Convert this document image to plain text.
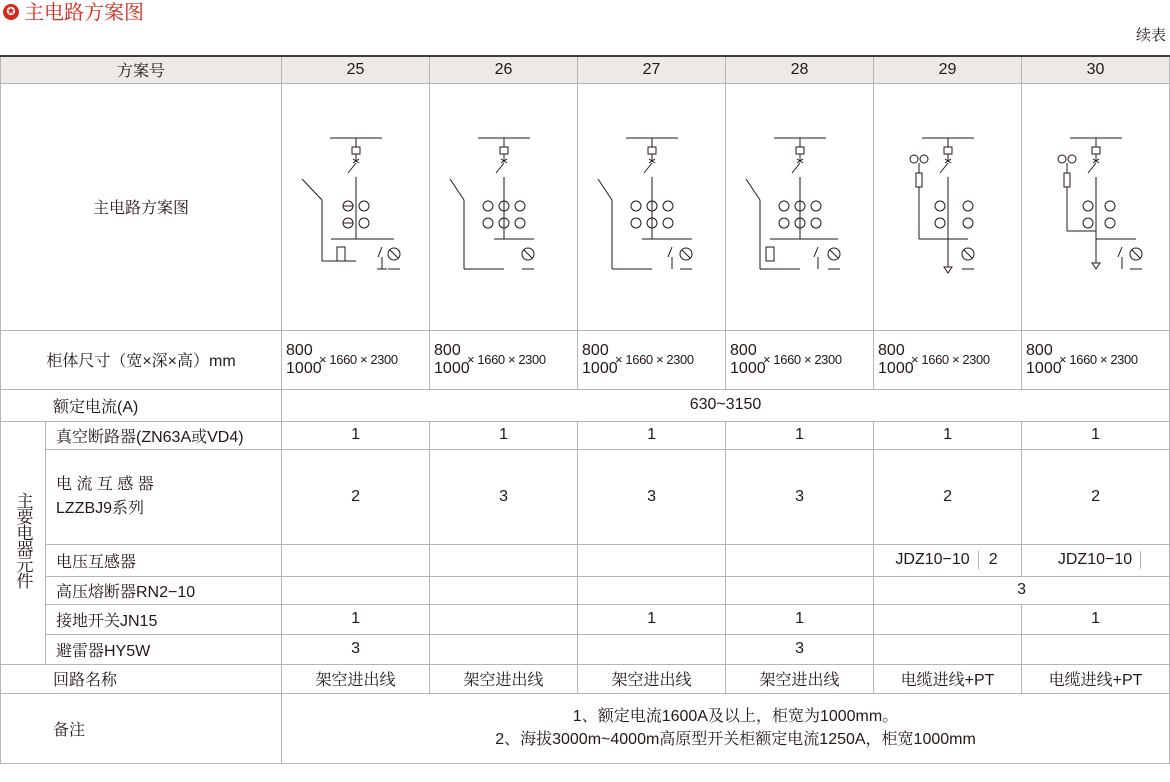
✪ 主电路方案图
续表
方案号		25	26	27	28	29	30
主电路方案图	

柜体尺寸（宽×深×高）mm		800
1000
× 1660 × 2300	800
1000
× 1660 × 2300	800
1000
× 1660 × 2300	800
1000
× 1660 × 2300	800
1000
× 1660 × 2300	800
1000
× 1660 × 2300

额定电流(A)		630~3150					
主要电器元件	真空断路器(ZN63A或VD4)	1	1	1	1	1	1

	电 流 互 感 器
LZZBJ9系列	2	3	3	3	2	2
	电压互感器					JDZ10−10 2	JDZ10−10

	高压熔断器RN2−10					3	
	接地开关JN15	1		1	1		1
	避雷器HY5W	3			3		
回路名称		架空进出线	架空进出线	架空进出线	架空进出线	电缆进线+PT	电缆进线+PT
备注		1、额定电流1600A及以上，柜宽为1000mm。
2、海拔3000m~4000m高原型开关柜额定电流1250A，柜宽1000mm					
